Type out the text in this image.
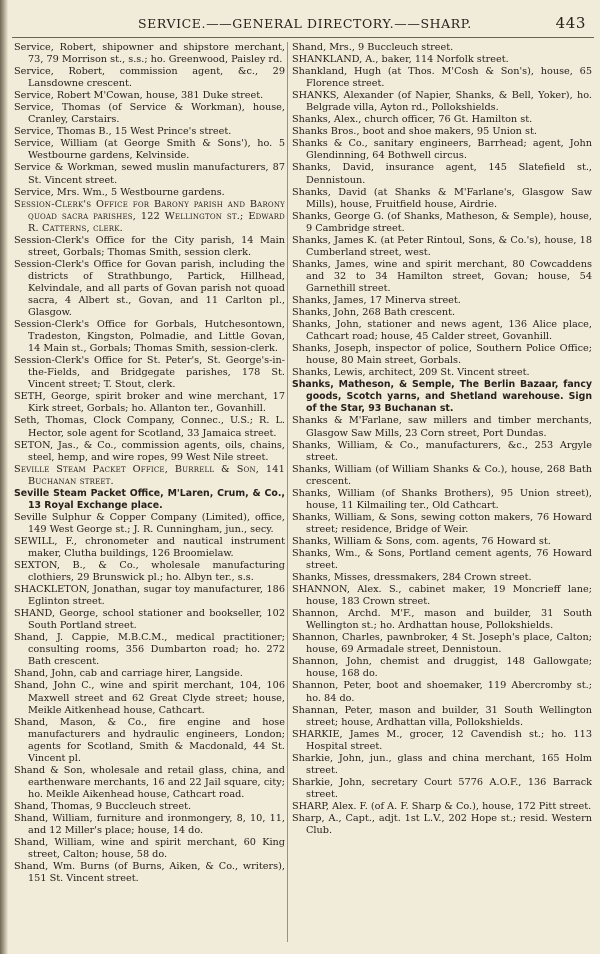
SERVICE.——GENERAL DIRECTORY.——SHARP.	443

Service, Robert, shipowner and shipstore merchant, 73, 79 Morrison st., s.s.; ho. Greenwood, Paisley rd.

Service, Robert, commission agent, &c., 29 Lansdowne crescent.

Service, Robert M'Cowan, house, 381 Duke street.

Service, Thomas (of Service & Workman), house, Cranley, Carstairs.

Service, Thomas B., 15 West Prince's street.

Service, William (at George Smith & Sons'), ho. 5 Westbourne gardens, Kelvinside.

Service & Workman, sewed muslin manufacturers, 87 St. Vincent street.

Service, Mrs. Wm., 5 Westbourne gardens.

Session-Clerk's Office for Barony parish and Barony quoad sacra parishes, 122 Wellington st.; Edward R. Catterns, clerk.

Session-Clerk's Office for the City parish, 14 Main street, Gorbals; Thomas Smith, session clerk.

Session-Clerk's Office for Govan parish, including the districts of Strathbungo, Partick, Hillhead, Kelvindale, and all parts of Govan parish not quoad sacra, 4 Albert st., Govan, and 11 Carlton pl., Glasgow.

Session-Clerk's Office for Gorbals, Hutchesontown, Tradeston, Kingston, Polmadie, and Little Govan, 14 Main st., Gorbals; Thomas Smith, session-clerk.

Session-Clerk's Office for St. Peter's, St. George's-in-the-Fields, and Bridgegate parishes, 178 St. Vincent street; T. Stout, clerk.

SETH, George, spirit broker and wine merchant, 17 Kirk street, Gorbals; ho. Allanton ter., Govanhill.

Seth, Thomas, Clock Company, Connec., U.S.; R. L. Hector, sole agent for Scotland, 33 Jamaica street.

SETON, Jas., & Co., commission agents, oils, chains, steel, hemp, and wire ropes, 99 West Nile street.

Seville Steam Packet Office, Burrell & Son, 141 Buchanan street.

Seville Steam Packet Office, M'Laren, Crum, & Co., 13 Royal Exchange place.

Seville Sulphur & Copper Company (Limited), office, 149 West George st.; J. R. Cunningham, jun., secy.

SEWILL, F., chronometer and nautical instrument maker, Clutha buildings, 126 Broomielaw.

SEXTON, B., & Co., wholesale manufacturing clothiers, 29 Brunswick pl.; ho. Albyn ter., s.s.

SHACKLETON, Jonathan, sugar toy manufacturer, 186 Eglinton street.

SHAND, George, school stationer and bookseller, 102 South Portland street.

Shand, J. Cappie, M.B.C.M., medical practitioner; consulting rooms, 356 Dumbarton road; ho. 272 Bath crescent.

Shand, John, cab and carriage hirer, Langside.

Shand, John C., wine and spirit merchant, 104, 106 Maxwell street and 62 Great Clyde street; house, Meikle Aitkenhead house, Cathcart.

Shand, Mason, & Co., fire engine and hose manufacturers and hydraulic engineers, London; agents for Scotland, Smith & Macdonald, 44 St. Vincent pl.

Shand & Son, wholesale and retail glass, china, and earthenware merchants, 16 and 22 Jail square, city; ho. Meikle Aikenhead house, Cathcart road.

Shand, Thomas, 9 Buccleuch street.

Shand, William, furniture and ironmongery, 8, 10, 11, and 12 Miller's place; house, 14 do.

Shand, William, wine and spirit merchant, 60 King street, Calton; house, 58 do.

Shand, Wm. Burns (of Burns, Aiken, & Co., writers), 151 St. Vincent street.

Shand, Mrs., 9 Buccleuch street.

SHANKLAND, A., baker, 114 Norfolk street.

Shankland, Hugh (at Thos. M'Cosh & Son's), house, 65 Florence street.

SHANKS, Alexander (of Napier, Shanks, & Bell, Yoker), ho. Belgrade villa, Ayton rd., Pollokshields.

Shanks, Alex., church officer, 76 Gt. Hamilton st.

Shanks Bros., boot and shoe makers, 95 Union st.

Shanks & Co., sanitary engineers, Barrhead; agent, John Glendinning, 64 Bothwell circus.

Shanks, David, insurance agent, 145 Slatefield st., Dennistoun.

Shanks, David (at Shanks & M'Farlane's, Glasgow Saw Mills), house, Fruitfield house, Airdrie.

Shanks, George G. (of Shanks, Matheson, & Semple), house, 9 Cambridge street.

Shanks, James K. (at Peter Rintoul, Sons, & Co.'s), house, 18 Cumberland street, west.

Shanks, James, wine and spirit merchant, 80 Cowcaddens and 32 to 34 Hamilton street, Govan; house, 54 Garnethill street.

Shanks, James, 17 Minerva street.

Shanks, John, 268 Bath crescent.

Shanks, John, stationer and news agent, 136 Alice place, Cathcart road; house, 45 Calder street, Govanhill.

Shanks, Joseph, inspector of police, Southern Police Office; house, 80 Main street, Gorbals.

Shanks, Lewis, architect, 209 St. Vincent street.

Shanks, Matheson, & Semple, The Berlin Bazaar, fancy goods, Scotch yarns, and Shetland warehouse. Sign of the Star, 93 Buchanan st.

Shanks & M'Farlane, saw millers and timber merchants, Glasgow Saw Mills, 23 Corn street, Port Dundas.

Shanks, William, & Co., manufacturers, &c., 253 Argyle street.

Shanks, William (of William Shanks & Co.), house, 268 Bath crescent.

Shanks, William (of Shanks Brothers), 95 Union street), house, 11 Kilmailing ter., Old Cathcart.

Shanks, William, & Sons, sewing cotton makers, 76 Howard street; residence, Bridge of Weir.

Shanks, William & Sons, com. agents, 76 Howard st.

Shanks, Wm., & Sons, Portland cement agents, 76 Howard street.

Shanks, Misses, dressmakers, 284 Crown street.

SHANNON, Alex. S., cabinet maker, 19 Moncrieff lane; house, 183 Crown street.

Shannon, Archd. M'F., mason and builder, 31 South Wellington st.; ho. Ardhattan house, Pollokshields.

Shannon, Charles, pawnbroker, 4 St. Joseph's place, Calton; house, 69 Armadale street, Dennistoun.

Shannon, John, chemist and druggist, 148 Gallowgate; house, 168 do.

Shannon, Peter, boot and shoemaker, 119 Abercromby st.; ho. 84 do.

Shannan, Peter, mason and builder, 31 South Wellington street; house, Ardhattan villa, Pollokshields.

SHARKIE, James M., grocer, 12 Cavendish st.; ho. 113 Hospital street.

Sharkie, John, jun., glass and china merchant, 165 Holm street.

Sharkie, John, secretary Court 5776 A.O.F., 136 Barrack street.

SHARP, Alex. F. (of A. F. Sharp & Co.), house, 172 Pitt street.

Sharp, A., Capt., adjt. 1st L.V., 202 Hope st.; resid. Western Club.
